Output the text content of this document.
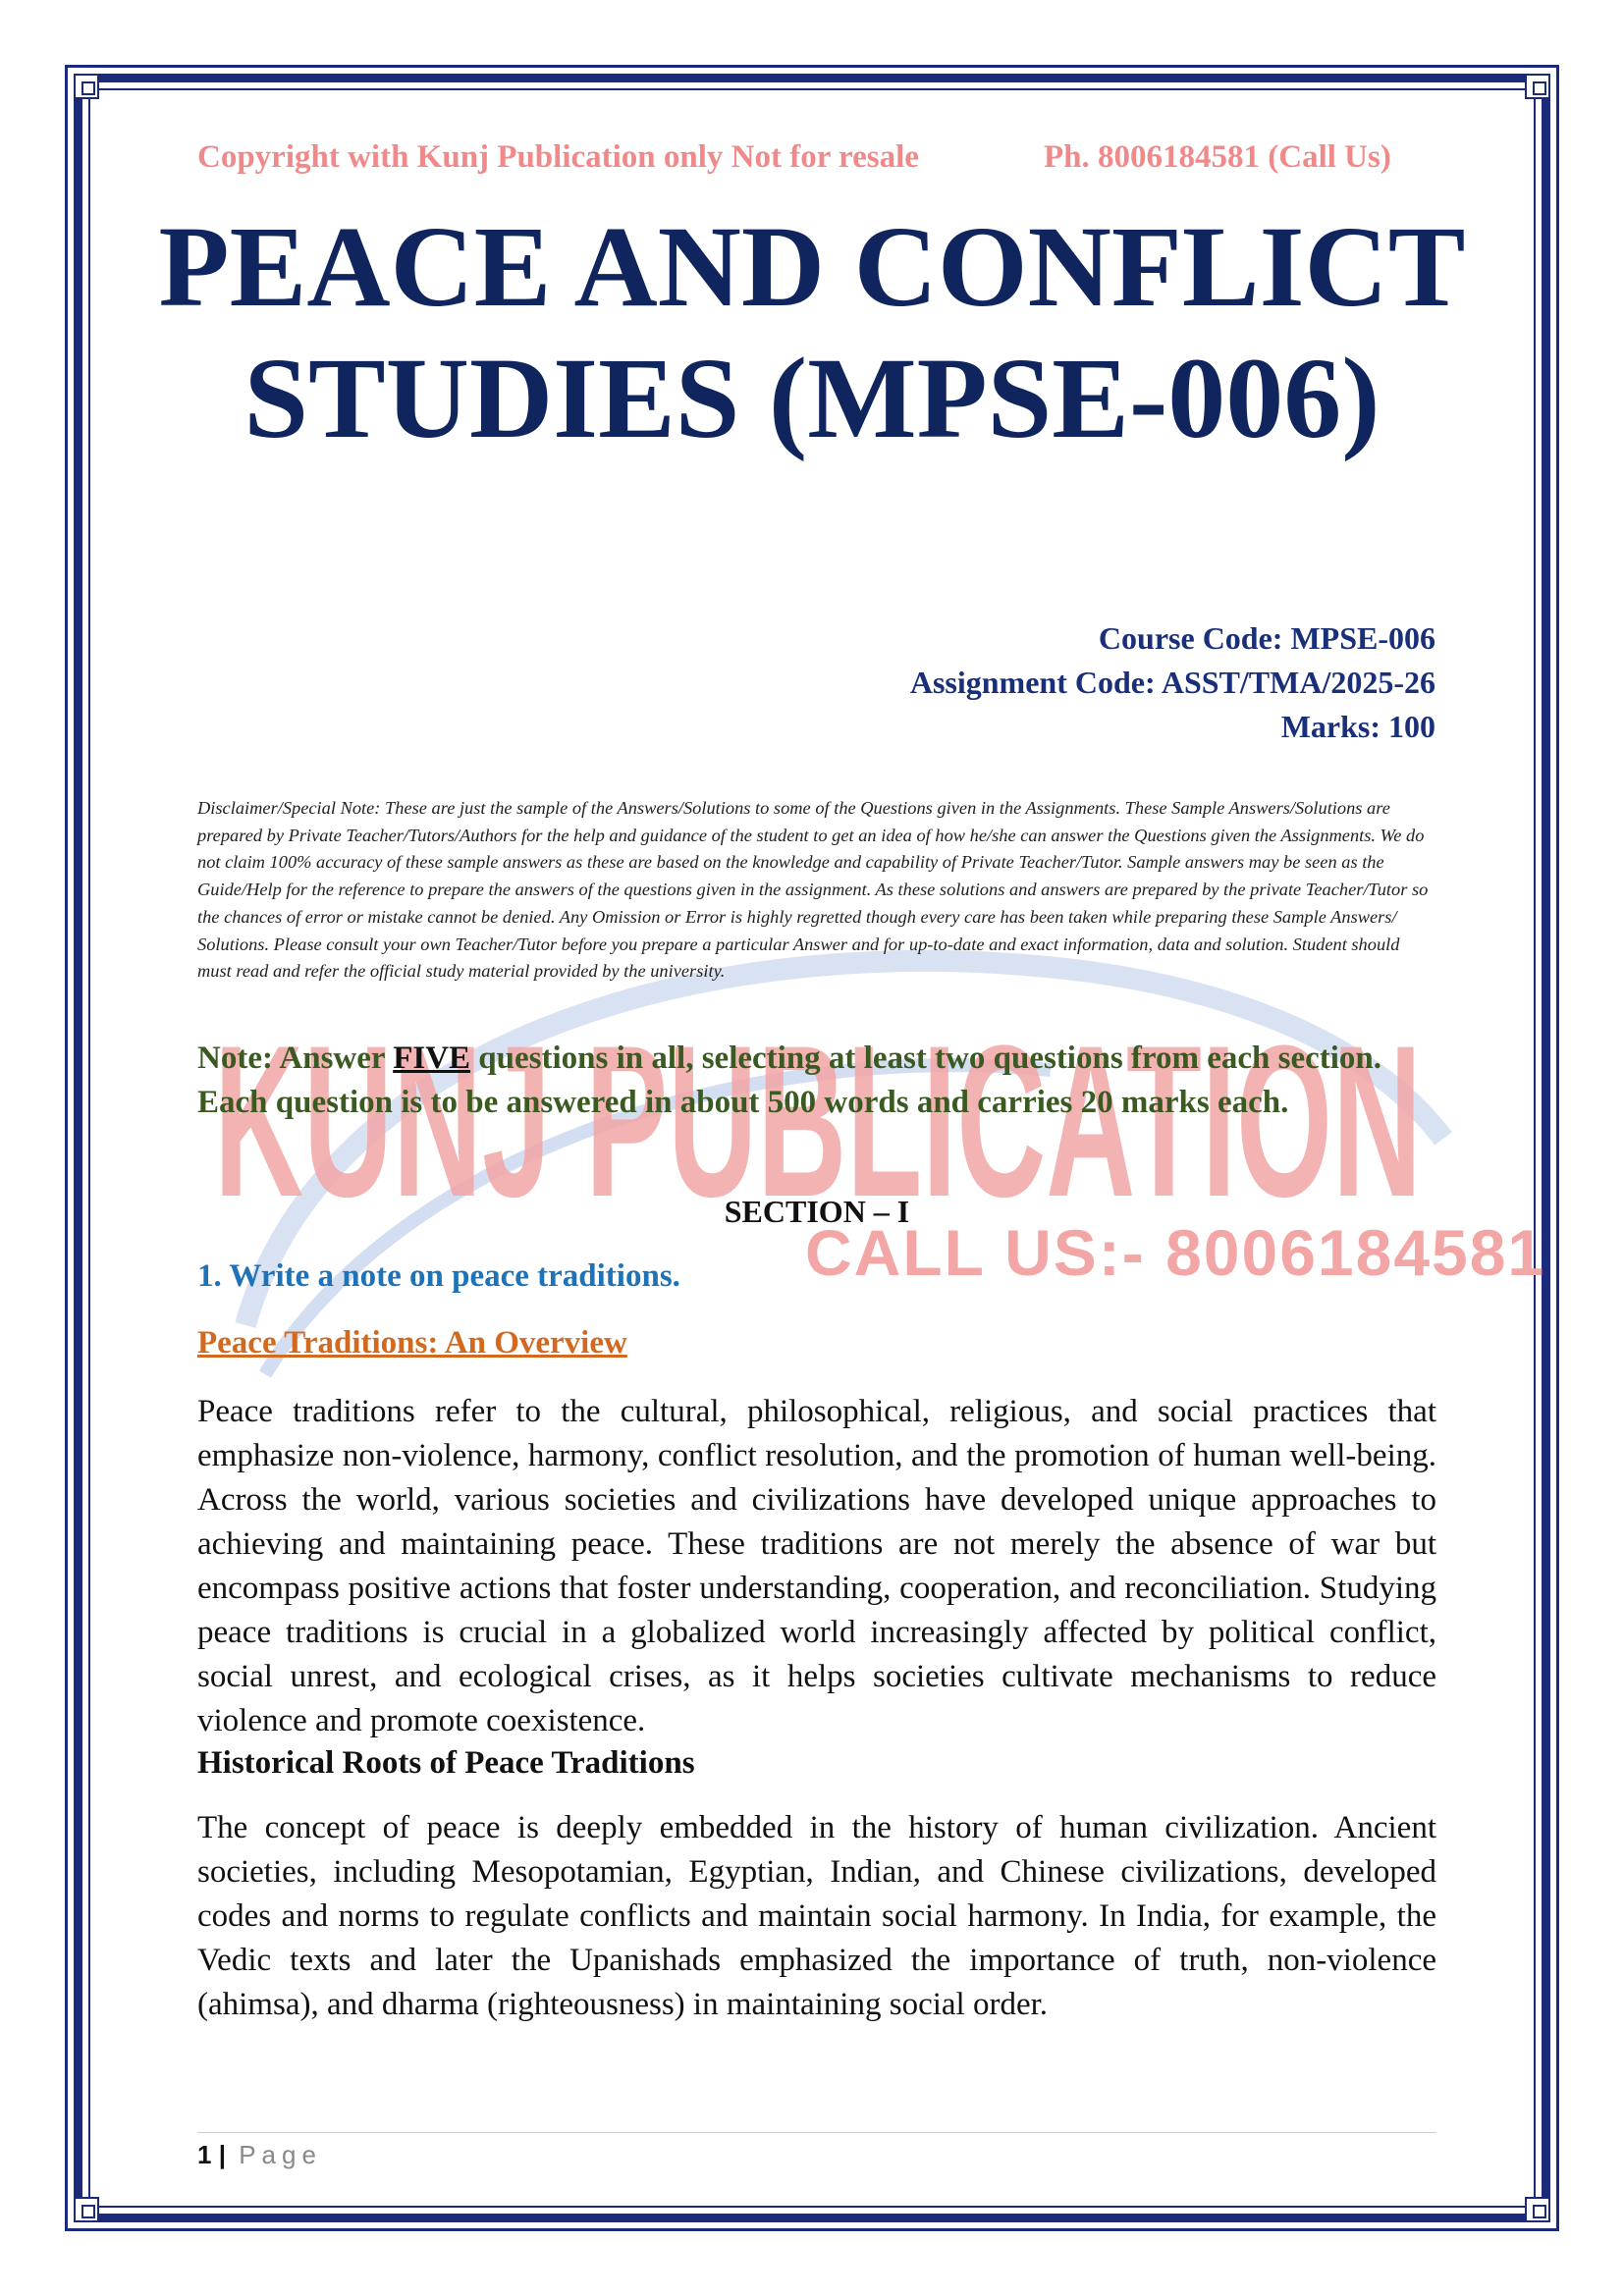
KUNJ PUBLICATION
CALL US:- 8006184581
Copyright with Kunj Publication only Not for resale	Ph. 8006184581 (Call Us)
PEACE AND CONFLICT
STUDIES (MPSE-006)
Course Code: MPSE-006
Assignment Code: ASST/TMA/2025-26
Marks: 100
Disclaimer/Special Note: These are just the sample of the Answers/Solutions to some of the Questions given in the Assignments. These Sample Answers/Solutions are prepared by Private Teacher/Tutors/Authors for the help and guidance of the student to get an idea of how he/she can answer the Questions given the Assignments. We do not claim 100% accuracy of these sample answers as these are based on the knowledge and capability of Private Teacher/Tutor. Sample answers may be seen as the Guide/Help for the reference to prepare the answers of the questions given in the assignment. As these solutions and answers are prepared by the private Teacher/Tutor so the chances of error or mistake cannot be denied. Any Omission or Error is highly regretted though every care has been taken while preparing these Sample Answers/ Solutions. Please consult your own Teacher/Tutor before you prepare a particular Answer and for up-to-date and exact information, data and solution. Student should must read and refer the official study material provided by the university.
Note: Answer FIVE questions in all, selecting at least two questions from each section. Each question is to be answered in about 500 words and carries 20 marks each.
SECTION – I
1. Write a note on peace traditions.
Peace Traditions: An Overview
Peace traditions refer to the cultural, philosophical, religious, and social practices that emphasize non-violence, harmony, conflict resolution, and the promotion of human well-being. Across the world, various societies and civilizations have developed unique approaches to achieving and maintaining peace. These traditions are not merely the absence of war but encompass positive actions that foster understanding, cooperation, and reconciliation. Studying peace traditions is crucial in a globalized world increasingly affected by political conflict, social unrest, and ecological crises, as it helps societies cultivate mechanisms to reduce violence and promote coexistence.
Historical Roots of Peace Traditions
The concept of peace is deeply embedded in the history of human civilization. Ancient societies, including Mesopotamian, Egyptian, Indian, and Chinese civilizations, developed codes and norms to regulate conflicts and maintain social harmony. In India, for example, the Vedic texts and later the Upanishads emphasized the importance of truth, non-violence (ahimsa), and dharma (righteousness) in maintaining social order.
1 | Page
